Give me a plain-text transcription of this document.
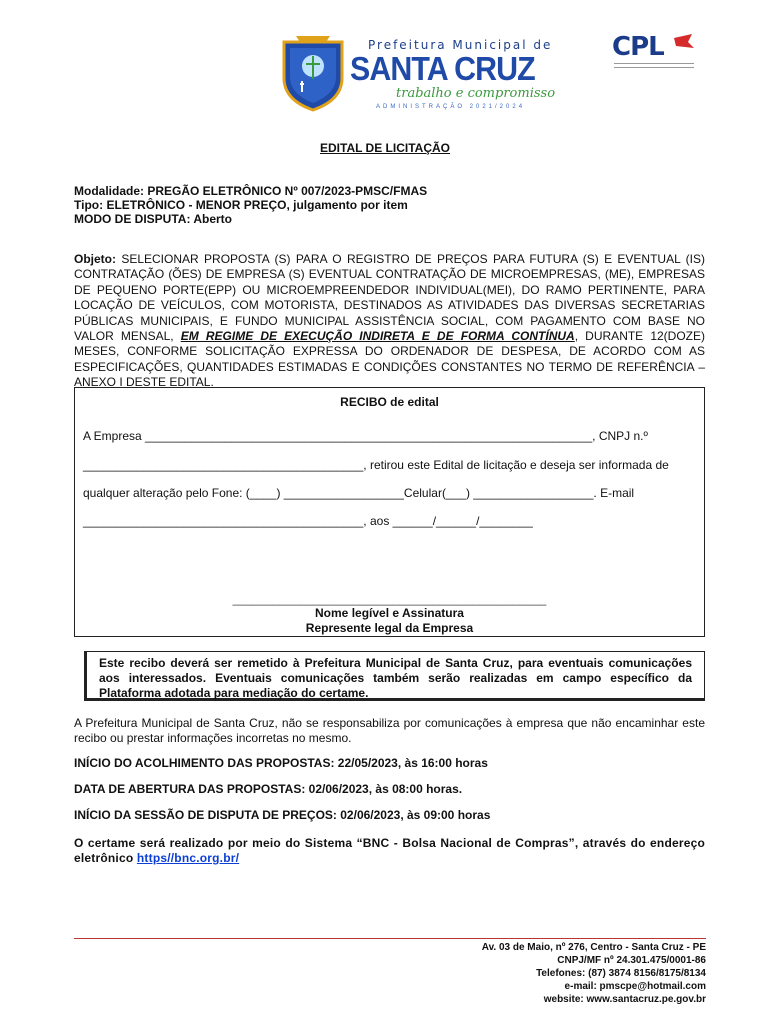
Prefeitura Municipal de
SANTA CRUZ
trabalho e compromisso
ADMINISTRAÇÃO 2021/2024
CPL
EDITAL DE LICITAÇÃO
Modalidade: PREGÃO ELETRÔNICO Nº 007/2023-PMSC/FMAS
Tipo: ELETRÔNICO - MENOR PREÇO, julgamento por item
MODO DE DISPUTA: Aberto
Objeto: SELECIONAR PROPOSTA (S) PARA O REGISTRO DE PREÇOS PARA FUTURA (S) E EVENTUAL (IS) CONTRATAÇÃO (ÕES) DE EMPRESA (S) EVENTUAL CONTRATAÇÃO DE MICROEMPRESAS, (ME), EMPRESAS DE PEQUENO PORTE(EPP) OU MICROEMPREENDEDOR INDIVIDUAL(MEI), DO RAMO PERTINENTE, PARA LOCAÇÃO DE VEÍCULOS, COM MOTORISTA, DESTINADOS AS ATIVIDADES DAS DIVERSAS SECRETARIAS PÚBLICAS MUNICIPAIS, E FUNDO MUNICIPAL ASSISTÊNCIA SOCIAL, COM PAGAMENTO COM BASE NO VALOR MENSAL, EM REGIME DE EXECUÇÃO INDIRETA E DE FORMA CONTÍNUA, DURANTE 12(DOZE) MESES, CONFORME SOLICITAÇÃO EXPRESSA DO ORDENADOR DE DESPESA, DE ACORDO COM AS ESPECIFICAÇÕES, QUANTIDADES ESTIMADAS E CONDIÇÕES CONSTANTES NO TERMO DE REFERÊNCIA – ANEXO I DESTE EDITAL.
RECIBO de edital
A Empresa ___________________________________________________________________, CNPJ n.º
__________________________________________, retirou este Edital de licitação e deseja ser informada de
qualquer alteração pelo Fone: (____) __________________Celular(___) __________________. E-mail
__________________________________________, aos ______/______/________
_______________________________________________
Nome legível e Assinatura
Represente legal da Empresa
Este recibo deverá ser remetido à Prefeitura Municipal de Santa Cruz, para eventuais comunicações aos interessados. Eventuais comunicações também serão realizadas em campo específico da Plataforma adotada para mediação do certame.
A Prefeitura Municipal de Santa Cruz, não se responsabiliza por comunicações à empresa que não encaminhar este recibo ou prestar informações incorretas no mesmo.
INÍCIO DO ACOLHIMENTO DAS PROPOSTAS: 22/05/2023, às 16:00 horas
DATA DE ABERTURA DAS PROPOSTAS: 02/06/2023, às 08:00 horas.
INÍCIO DA SESSÃO DE DISPUTA DE PREÇOS: 02/06/2023, às 09:00 horas
O certame será realizado por meio do Sistema “BNC - Bolsa Nacional de Compras”, através do endereço eletrônico https//bnc.org.br/
Av. 03 de Maio, nº 276, Centro - Santa Cruz - PE
CNPJ/MF nº 24.301.475/0001-86
Telefones: (87) 3874 8156/8175/8134
e-mail: pmscpe@hotmail.com
website: www.santacruz.pe.gov.br
